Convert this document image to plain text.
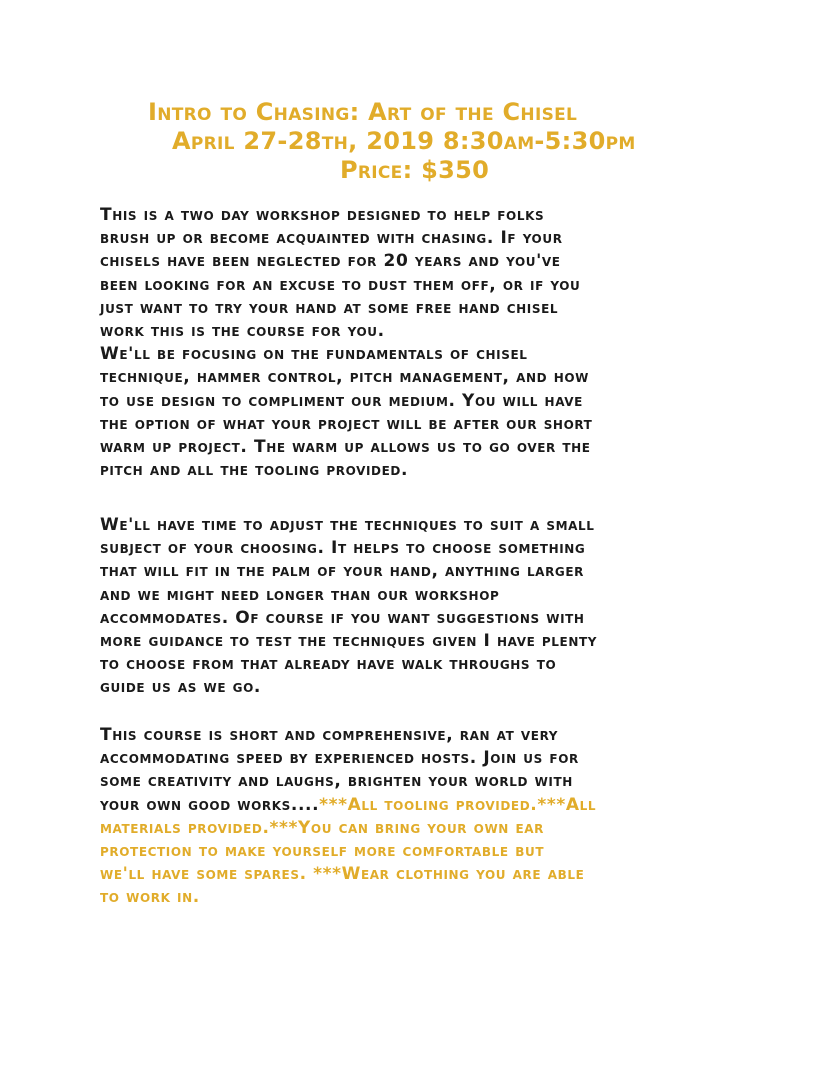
Intro to Chasing: Art of the Chisel
April 27-28th, 2019 8:30am-5:30pm
Price: $350
This is a two day workshop designed to help folks
brush up or become acquainted with chasing. If your
chisels have been neglected for 20 years and you've
been looking for an excuse to dust them off, or if you
just want to try your hand at some free hand chisel
work this is the course for you.
We'll be focusing on the fundamentals of chisel
technique, hammer control, pitch management, and how
to use design to compliment our medium. You will have
the option of what your project will be after our short
warm up project. The warm up allows us to go over the
pitch and all the tooling provided.
We'll have time to adjust the techniques to suit a small
subject of your choosing. It helps to choose something
that will fit in the palm of your hand, anything larger
and we might need longer than our workshop
accommodates. Of course if you want suggestions with
more guidance to test the techniques given I have plenty
to choose from that already have walk throughs to
guide us as we go.
This course is short and comprehensive, ran at very
accommodating speed by experienced hosts. Join us for
some creativity and laughs, brighten your world with
your own good works....***All tooling provided.***All
materials provided.***You can bring your own ear
protection to make yourself more comfortable but
we'll have some spares. ***Wear clothing you are able
to work in.
